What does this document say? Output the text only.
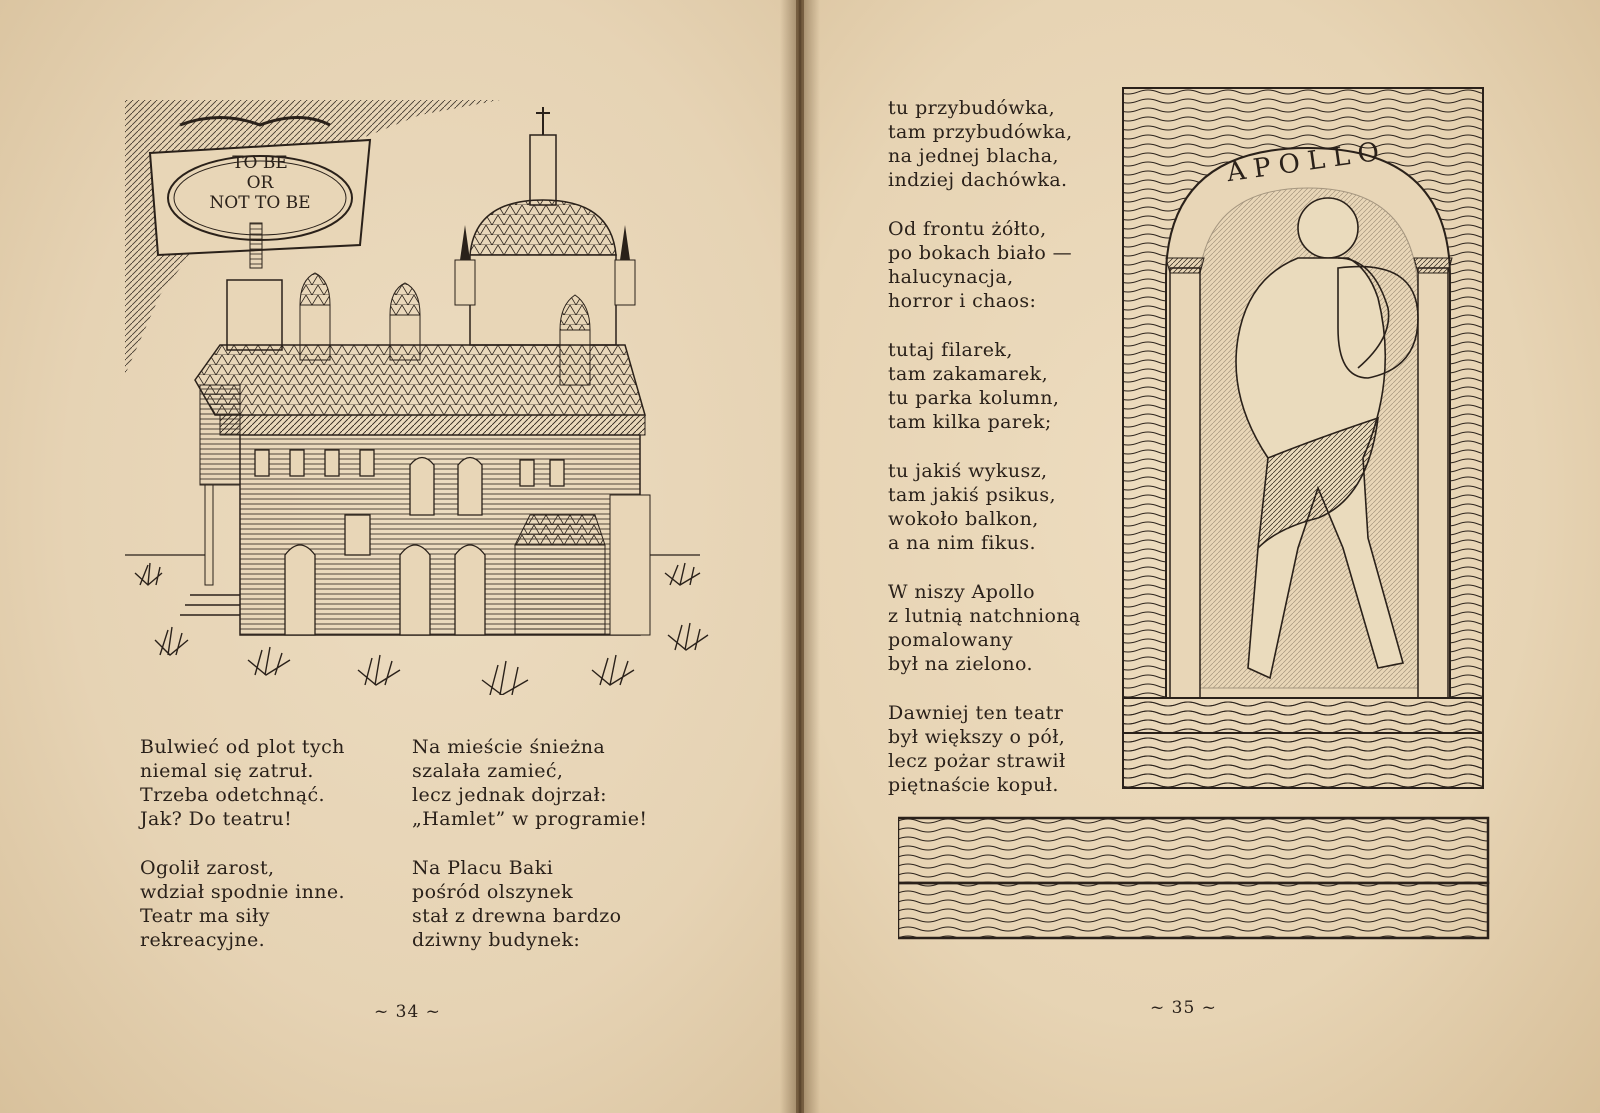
TO BE
OR
NOT TO BE
Bulwieć od plot tych
niemal się zatruł.
Trzeba odetchnąć.
Jak? Do teatru!
Ogolił zarost,
wdział spodnie inne.
Teatr ma siły
rekreacyjne.
Na mieście śnieżna
szalała zamieć,
lecz jednak dojrzał:
„Hamlet” w programie!
Na Placu Baki
pośród olszynek
stał z drewna bardzo
dziwny budynek:
~ 34 ~
tu przybudówka,
tam przybudówka,
na jednej blacha,
indziej dachówka.
Od frontu żółto,
po bokach biało —
halucynacja,
horror i chaos:
tutaj filarek,
tam zakamarek,
tu parka kolumn,
tam kilka parek;
tu jakiś wykusz,
tam jakiś psikus,
wokoło balkon,
a na nim fikus.
W niszy Apollo
z lutnią natchnioną
pomalowany
był na zielono.
Dawniej ten teatr
był większy o pół,
lecz pożar strawił
piętnaście kopuł.
APOLLO
~ 35 ~
